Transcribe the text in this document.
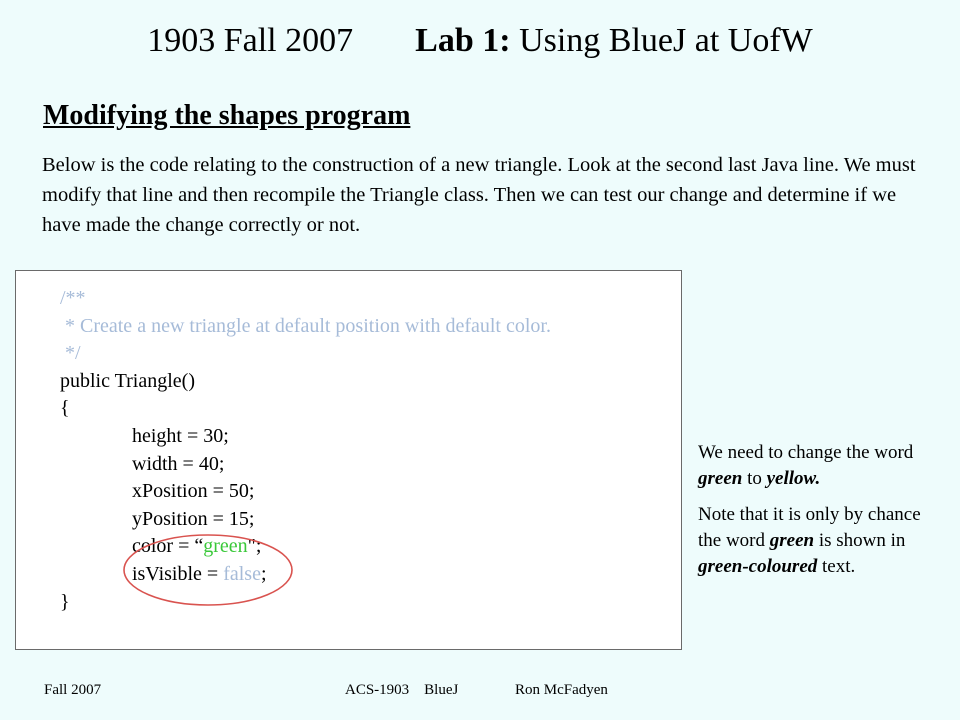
1903 Fall 2007 Lab 1: Using BlueJ at UofW
Modifying the shapes program
Below is the code relating to the construction of a new triangle. Look at the second last Java line. We must modify that line and then recompile the Triangle class. Then we can test our change and determine if we have made the change correctly or not.
/**
* Create a new triangle at default position with default color.
*/
public Triangle()
{
height = 30;
width = 40;
xPosition = 50;
yPosition = 15;
color = “green";
isVisible = false;
}

We need to change the word green to yellow.

Note that it is only by chance the word green is shown in green-coloured text.

Fall 2007	ACS-1903    BlueJ	Ron McFadyen
